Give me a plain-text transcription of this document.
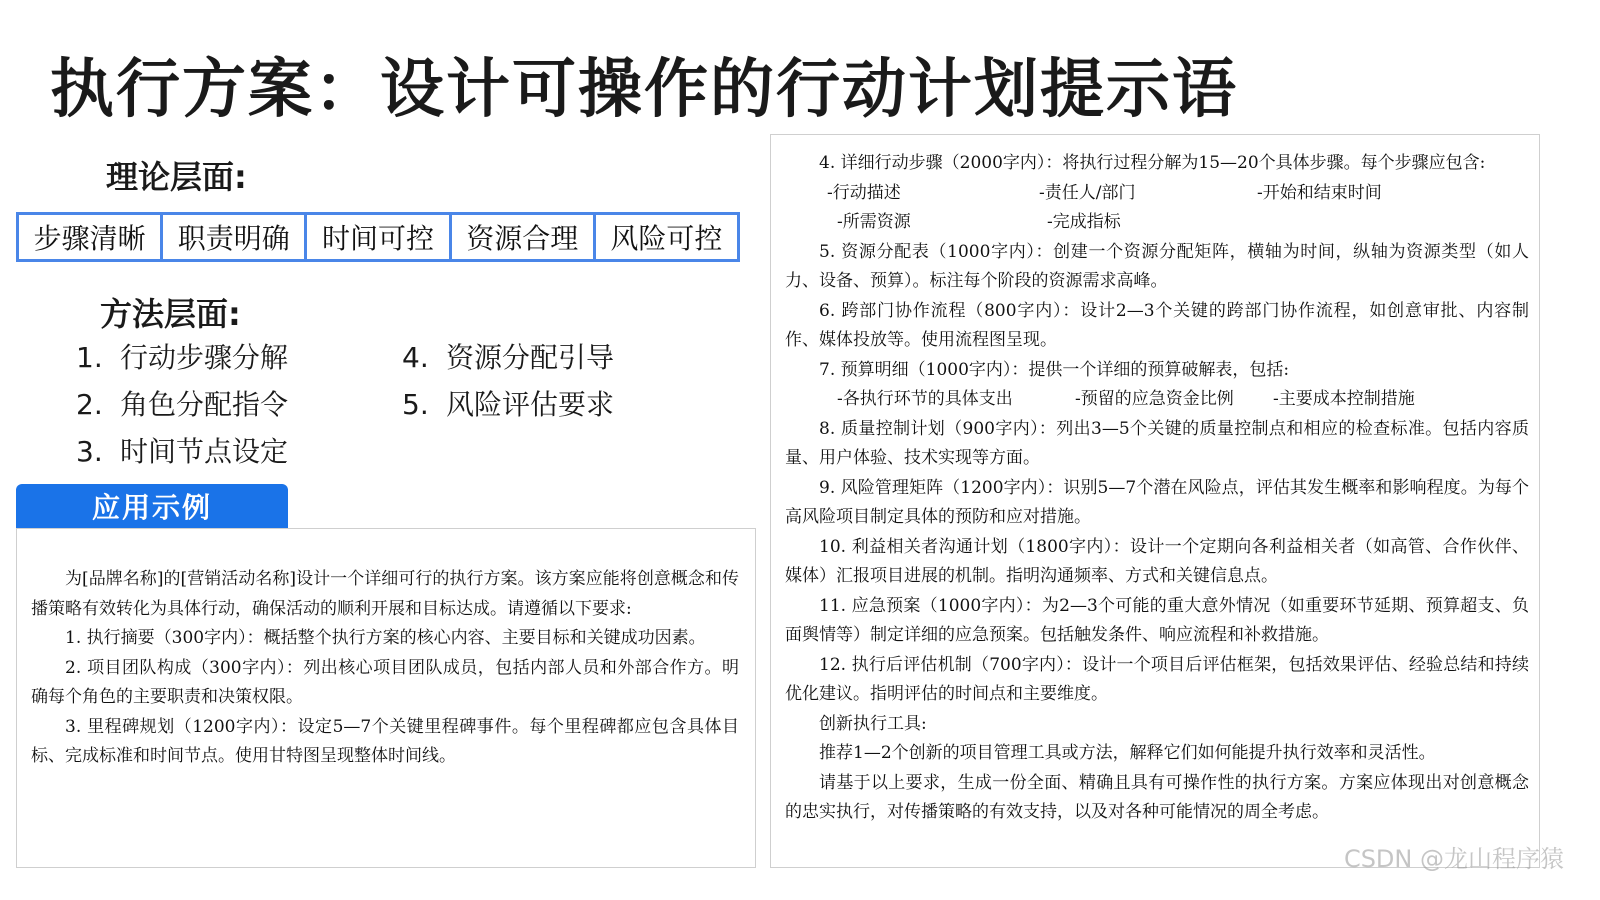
执行方案：设计可操作的行动计划提示语
理论层面:
步骤清晰	职责明确	时间可控	资源合理	风险可控
方法层面:
1. 行动步骤分解
2. 角色分配指令
3. 时间节点设定
4. 资源分配引导
5. 风险评估要求
应用示例

为[品牌名称]的[营销活动名称]设计一个详细可行的执行方案。该方案应能将创意概念和传播策略有效转化为具体行动，确保活动的顺利开展和目标达成。请遵循以下要求:

1. 执行摘要（300字内）：概括整个执行方案的核心内容、主要目标和关键成功因素。

2. 项目团队构成（300字内）：列出核心项目团队成员，包括内部人员和外部合作方。明确每个角色的主要职责和决策权限。

3. 里程碑规划（1200字内）：设定5—7个关键里程碑事件。每个里程碑都应包含具体目标、完成标准和时间节点。使用甘特图呈现整体时间线。

4. 详细行动步骤（2000字内）：将执行过程分解为15—20个具体步骤。每个步骤应包含:

-行动描述	-责任人/部门	-开始和结束时间
-所需资源	-完成指标

5. 资源分配表（1000字内）：创建一个资源分配矩阵，横轴为时间，纵轴为资源类型（如人力、设备、预算）。标注每个阶段的资源需求高峰。

6. 跨部门协作流程（800字内）：设计2—3个关键的跨部门协作流程，如创意审批、内容制作、媒体投放等。使用流程图呈现。

7. 预算明细（1000字内）：提供一个详细的预算破解表，包括:

-各执行环节的具体支出	-预留的应急资金比例	-主要成本控制措施

8. 质量控制计划（900字内）：列出3—5个关键的质量控制点和相应的检查标准。包括内容质量、用户体验、技术实现等方面。

9. 风险管理矩阵（1200字内）：识别5—7个潜在风险点，评估其发生概率和影响程度。为每个高风险项目制定具体的预防和应对措施。

10. 利益相关者沟通计划（1800字内）：设计一个定期向各利益相关者（如高管、合作伙伴、媒体）汇报项目进展的机制。指明沟通频率、方式和关键信息点。

11. 应急预案（1000字内）：为2—3个可能的重大意外情况（如重要环节延期、预算超支、负面舆情等）制定详细的应急预案。包括触发条件、响应流程和补救措施。

12. 执行后评估机制（700字内）：设计一个项目后评估框架，包括效果评估、经验总结和持续优化建议。指明评估的时间点和主要维度。

创新执行工具:

推荐1—2个创新的项目管理工具或方法，解释它们如何能提升执行效率和灵活性。

请基于以上要求，生成一份全面、精确且具有可操作性的执行方案。方案应体现出对创意概念的忠实执行，对传播策略的有效支持，以及对各种可能情况的周全考虑。

CSDN @龙山程序猿
